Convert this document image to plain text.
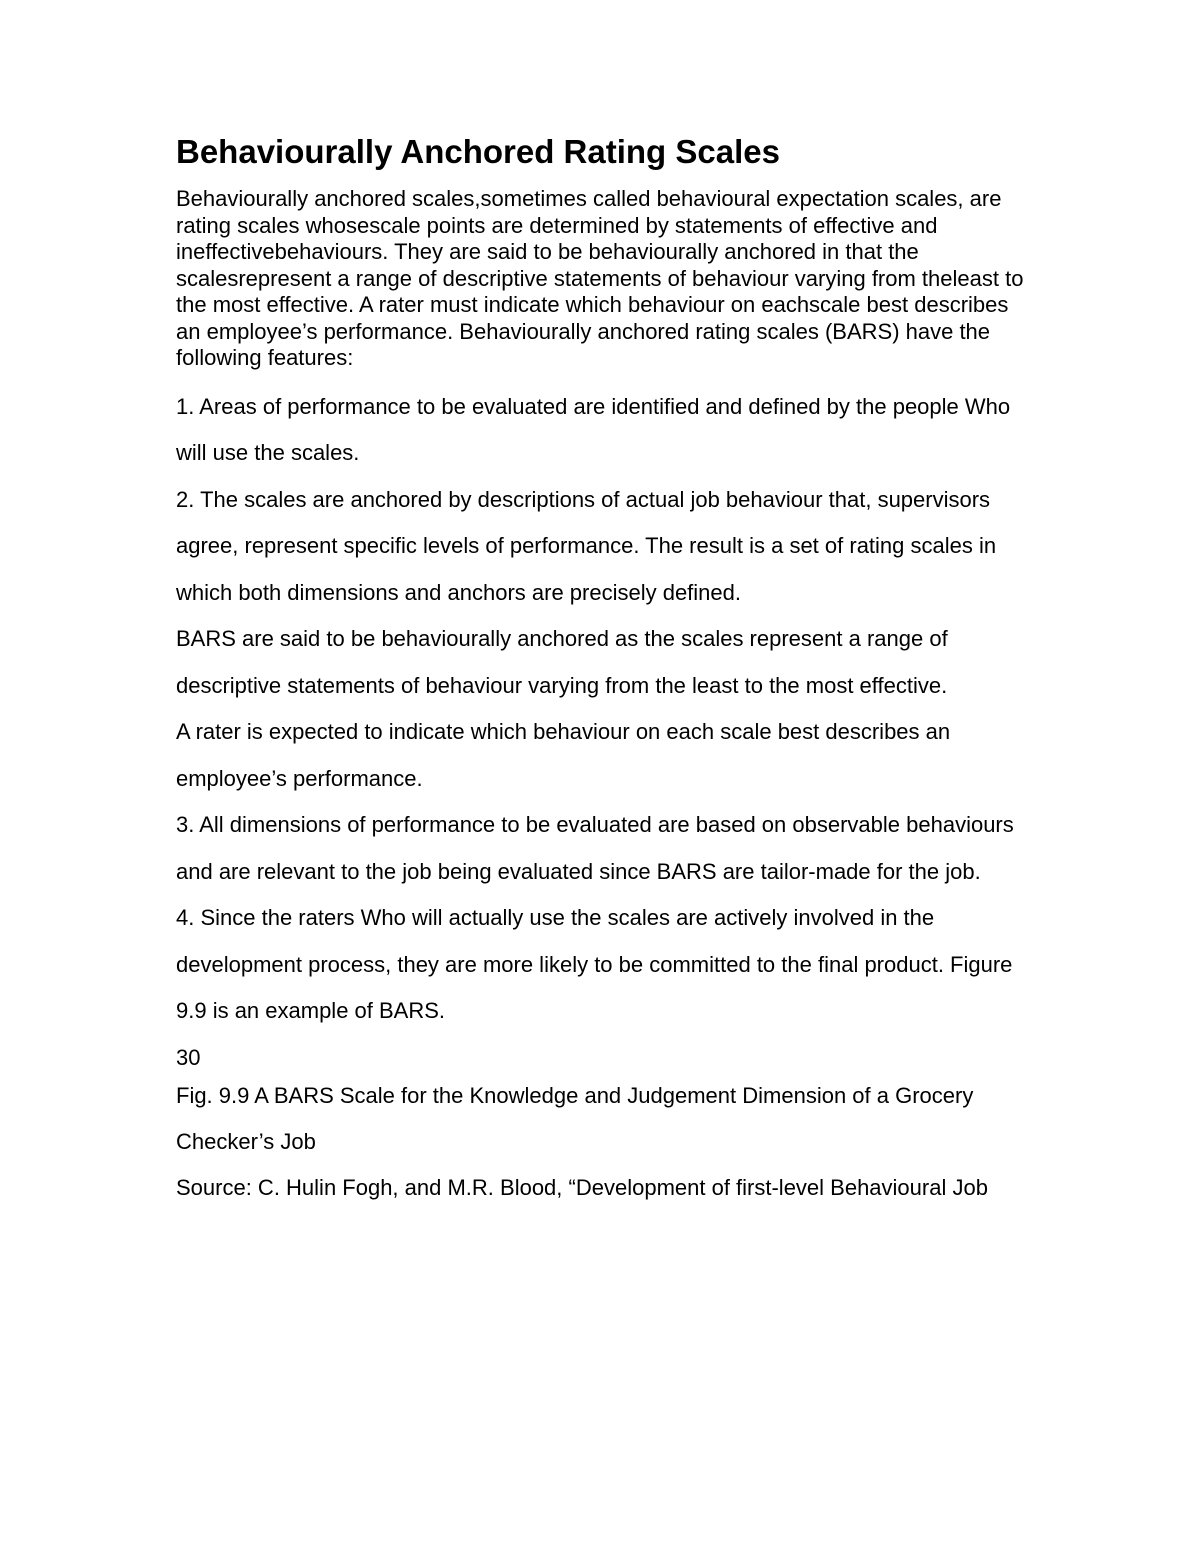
Behaviourally Anchored Rating Scales

Behaviourally anchored scales,sometimes called behavioural expectation scales, are rating scales whosescale points are determined by statements of effective and ineffectivebehaviours. They are said to be behaviourally anchored in that the scalesrepresent a range of descriptive statements of behaviour varying from theleast to the most effective. A rater must indicate which behaviour on eachscale best describes an employee’s performance. Behaviourally anchored rating scales (BARS) have the following features:

1. Areas of performance to be evaluated are identified and defined by the people Who will use the scales.

2. The scales are anchored by descriptions of actual job behaviour that, supervisors agree, represent specific levels of performance. The result is a set of rating scales in which both dimensions and anchors are precisely defined.

BARS are said to be behaviourally anchored as the scales represent a range of descriptive statements of behaviour varying from the least to the most effective.

A rater is expected to indicate which behaviour on each scale best describes an employee’s performance.

3. All dimensions of performance to be evaluated are based on observable behaviours and are relevant to the job being evaluated since BARS are tailor-made for the job.

4. Since the raters Who will actually use the scales are actively involved in the development process, they are more likely to be committed to the final product. Figure 9.9 is an example of BARS.

30

Fig. 9.9 A BARS Scale for the Knowledge and Judgement Dimension of a Grocery

Checker’s Job

Source: C. Hulin Fogh, and M.R. Blood, “Development of first-level Behavioural Job
